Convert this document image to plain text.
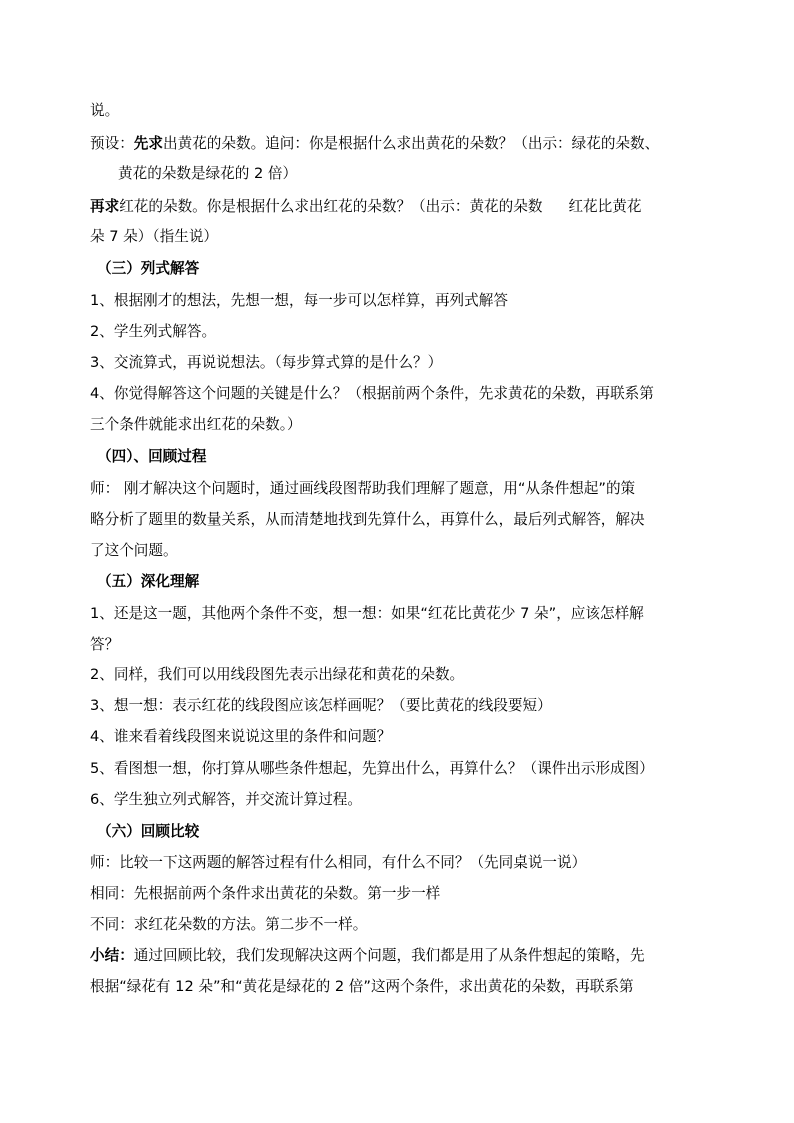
说。
预设：先求出黄花的朵数。追问：你是根据什么求出黄花的朵数？（出示：绿花的朵数、
黄花的朵数是绿花的 2 倍）
再求红花的朵数。你是根据什么求出红花的朵数？（出示：黄花的朵数 红花比黄花
朵 7 朵）（指生说）
（三）列式解答
1、根据刚才的想法，先想一想，每一步可以怎样算，再列式解答
2、学生列式解答。
3、交流算式，再说说想法。（每步算式算的是什么？）
4、你觉得解答这个问题的关键是什么？（根据前两个条件，先求黄花的朵数，再联系第
三个条件就能求出红花的朵数。）
（四）、回顾过程
师： 刚才解决这个问题时，通过画线段图帮助我们理解了题意，用“从条件想起”的策
略分析了题里的数量关系，从而清楚地找到先算什么，再算什么，最后列式解答，解决
了这个问题。
（五）深化理解
1、还是这一题，其他两个条件不变，想一想：如果“红花比黄花少 7 朵”，应该怎样解
答？
2、同样，我们可以用线段图先表示出绿花和黄花的朵数。
3、想一想：表示红花的线段图应该怎样画呢？（要比黄花的线段要短）
4、谁来看着线段图来说说这里的条件和问题？
5、看图想一想，你打算从哪些条件想起，先算出什么，再算什么？（课件出示形成图）
6、学生独立列式解答，并交流计算过程。
（六）回顾比较
师：比较一下这两题的解答过程有什么相同，有什么不同？（先同桌说一说）
相同：先根据前两个条件求出黄花的朵数。第一步一样
不同：求红花朵数的方法。第二步不一样。
小结：通过回顾比较，我们发现解决这两个问题，我们都是用了从条件想起的策略，先
根据“绿花有 12 朵”和“黄花是绿花的 2 倍”这两个条件，求出黄花的朵数，再联系第
